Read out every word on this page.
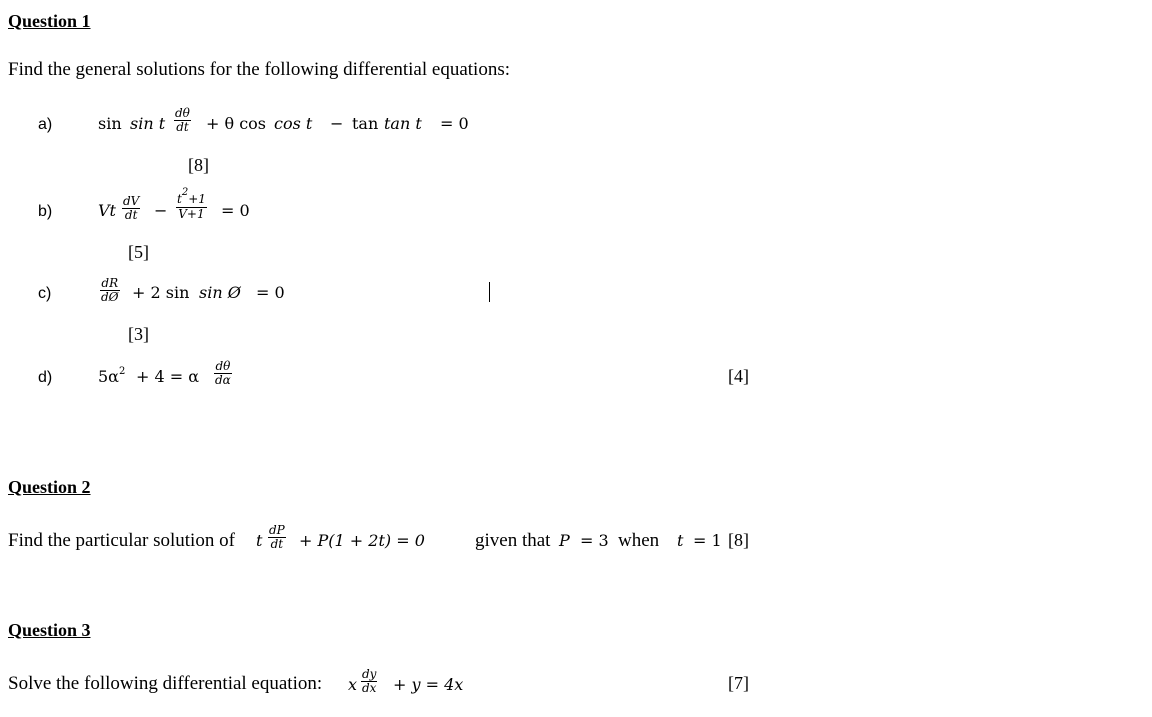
Question 1
Find the general solutions for the following differential equations:
a)	sin sin t $\frac{d\theta}{dt} + \theta$ cos cos t − tan tan t = 0
[8]
b)	Vt $\frac{dV}{dt} - \frac{t^2+1}{V+1} = 0$
[5]
c)	$\frac{dR}{dØ} + 2$ sin sin Ø = 0
[3]
d)	$5\alpha^2 + 4 = \alpha \frac{d\theta}{d\alpha}$	[4]
Question 2
Find the particular solution of t $\frac{dP}{dt} + P(1 + 2t) = 0$	given that P = 3 when t = 1 [8]
Question 3
Solve the following differential equation: x $\frac{dy}{dx} + y = 4x$	[7]
